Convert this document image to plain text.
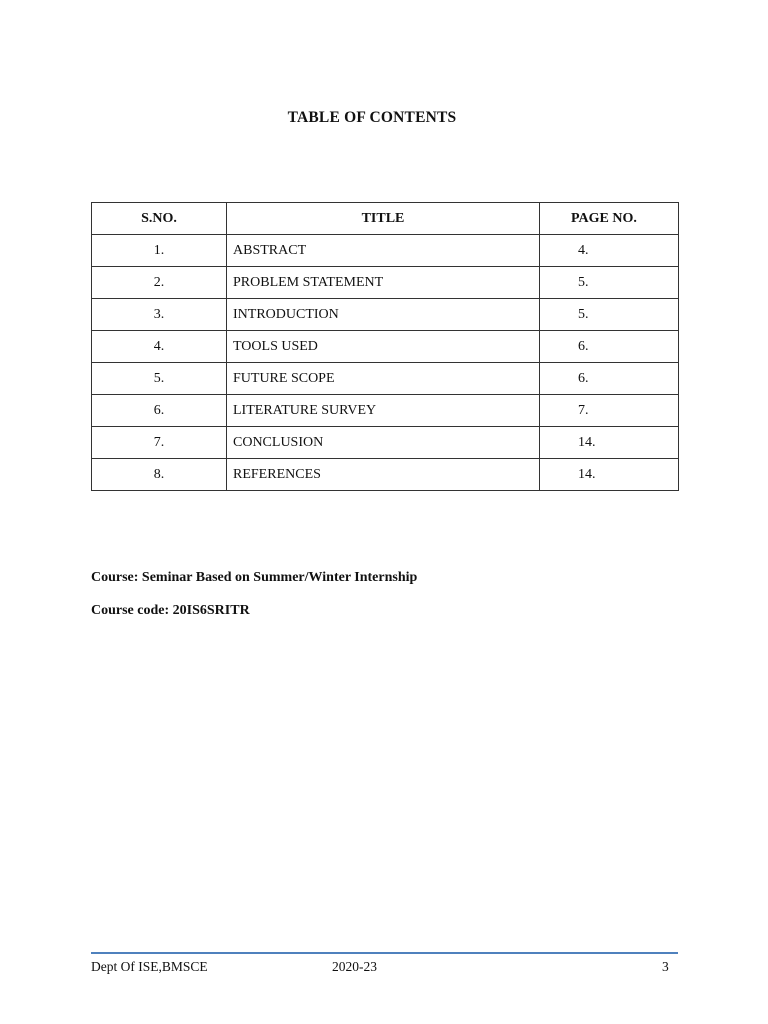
TABLE OF CONTENTS
S.NO.	TITLE	PAGE NO.
1.	ABSTRACT	4.
2.	PROBLEM STATEMENT	5.
3.	INTRODUCTION	5.
4.	TOOLS USED	6.
5.	FUTURE SCOPE	6.
6.	LITERATURE SURVEY	7.
7.	CONCLUSION	14.
8.	REFERENCES	14.
Course: Seminar Based on Summer/Winter Internship
Course code: 20IS6SRITR
Dept Of ISE,BMSCE	2020-23	3
